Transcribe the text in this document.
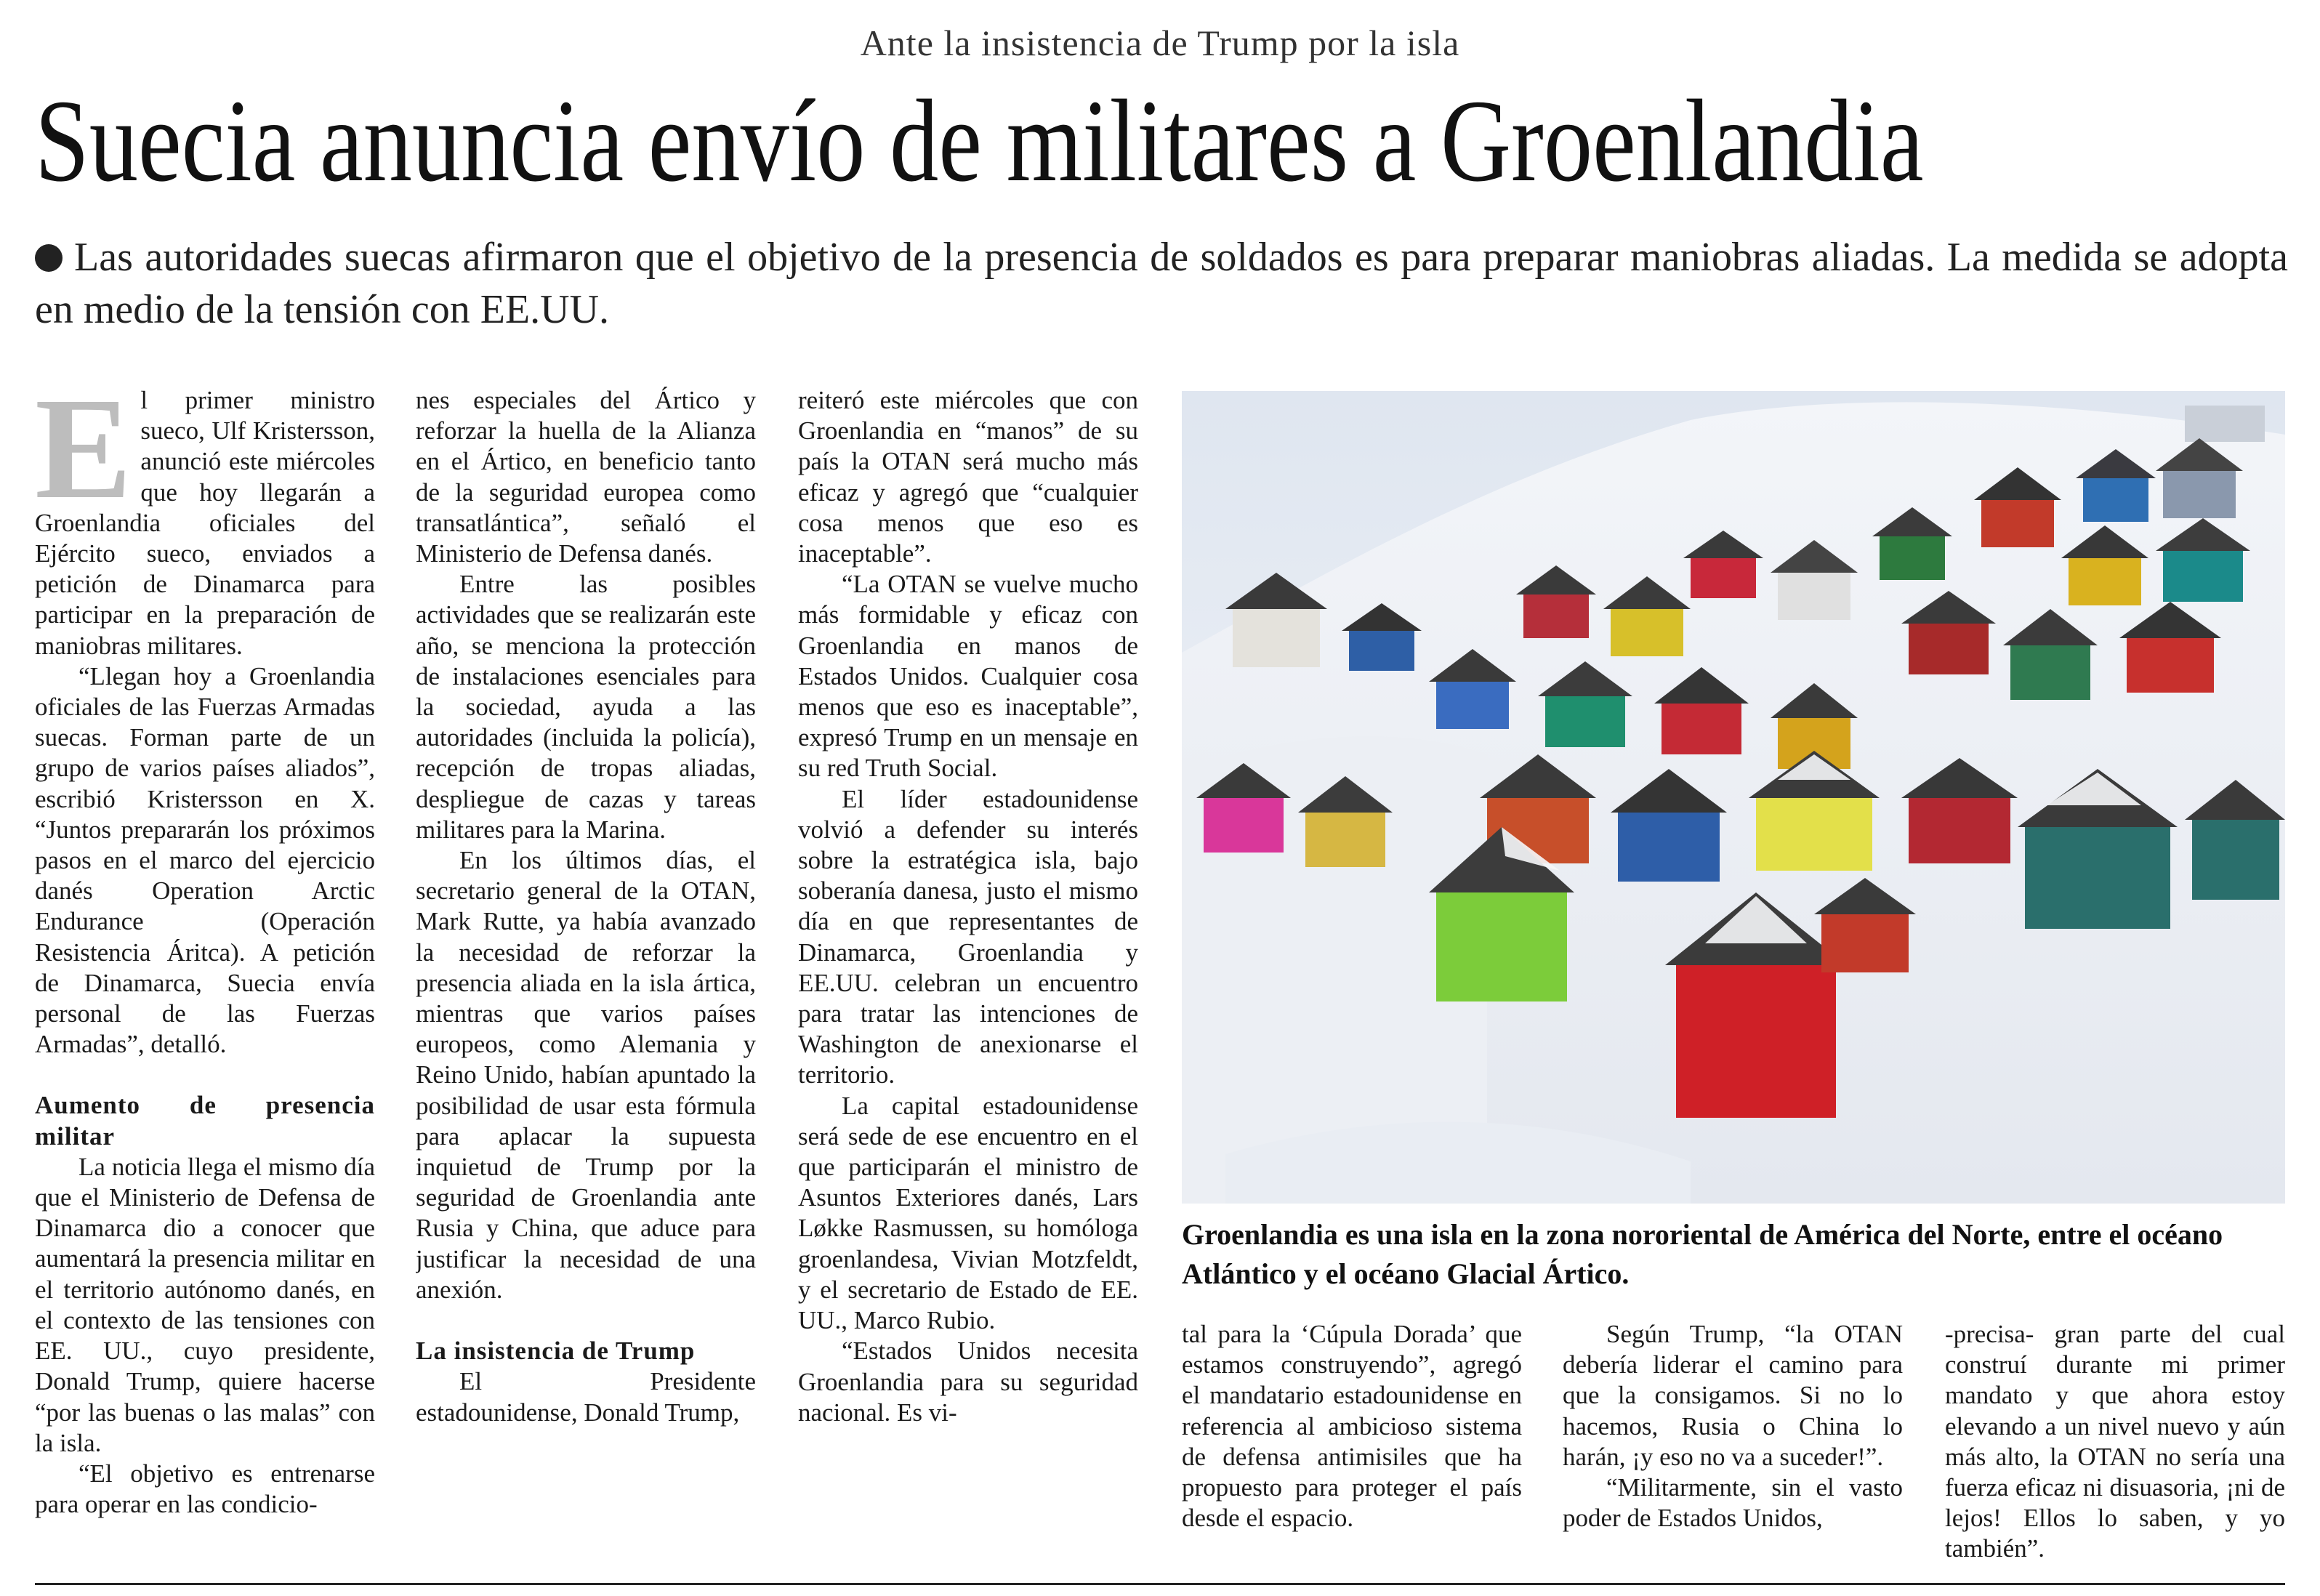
Ante la insistencia de Trump por la isla
Suecia anuncia envío de militares a Groenlandia
Las autoridades suecas afirmaron que el objetivo de la presencia de soldados es para preparar maniobras aliadas. La medida se adopta en medio de la tensión con EE.UU.

El primer ministro sueco, Ulf Kristersson, anunció este miércoles que hoy llegarán a Groenlandia oficiales del Ejército sueco, enviados a petición de Dinamarca para participar en la preparación de maniobras militares.

“Llegan hoy a Groenlandia oficiales de las Fuerzas Armadas suecas. Forman parte de un grupo de varios países aliados”, escribió Kristersson en X. “Juntos prepararán los próximos pasos en el marco del ejercicio danés Operation Arctic Endurance (Operación Resistencia Áritca). A petición de Dinamarca, Suecia envía personal de las Fuerzas Armadas”, detalló.

Aumento de presencia militar

La noticia llega el mismo día que el Ministerio de Defensa de Dinamarca dio a conocer que aumentará la presencia militar en el territorio autónomo danés, en el contexto de las tensiones con EE. UU., cuyo presidente, Donald Trump, quiere hacerse “por las buenas o las malas” con la isla.

“El objetivo es entrenarse para operar en las condicio-

nes especiales del Ártico y reforzar la huella de la Alianza en el Ártico, en beneficio tanto de la seguridad europea como transatlántica”, señaló el Ministerio de Defensa danés.

Entre las posibles actividades que se realizarán este año, se menciona la protección de instalaciones esenciales para la sociedad, ayuda a las autoridades (incluida la policía), recepción de tropas aliadas, despliegue de cazas y tareas militares para la Marina.

En los últimos días, el secretario general de la OTAN, Mark Rutte, ya había avanzado la necesidad de reforzar la presencia aliada en la isla ártica, mientras que varios países europeos, como Alemania y Reino Unido, habían apuntado la posibilidad de usar esta fórmula para aplacar la supuesta inquietud de Trump por la seguridad de Groenlandia ante Rusia y China, que aduce para justificar la necesidad de una anexión.

La insistencia de Trump

El Presidente estadounidense, Donald Trump,

reiteró este miércoles que con Groenlandia en “manos” de su país la OTAN será mucho más eficaz y agregó que “cualquier cosa menos que eso es inaceptable”.

“La OTAN se vuelve mucho más formidable y eficaz con Groenlandia en manos de Estados Unidos. Cualquier cosa menos que eso es inaceptable”, expresó Trump en un mensaje en su red Truth Social.

El líder estadounidense volvió a defender su interés sobre la estratégica isla, bajo soberanía danesa, justo el mismo día en que representantes de Dinamarca, Groenlandia y EE.UU. celebran un encuentro para tratar las intenciones de Washington de anexionarse el territorio.

La capital estadounidense será sede de ese encuentro en el que participarán el ministro de Asuntos Exteriores danés, Lars Løkke Rasmussen, su homóloga groenlandesa, Vivian Motzfeldt, y el secretario de Estado de EE. UU., Marco Rubio.

“Estados Unidos necesita Groenlandia para su seguridad nacional. Es vi-

Groenlandia es una isla en la zona nororiental de América del Norte, entre el océano Atlántico y el océano Glacial Ártico.

tal para la ‘Cúpula Dorada’ que estamos construyendo”, agregó el mandatario estadounidense en referencia al ambicioso sistema de defensa antimisiles que ha propuesto para proteger el país desde el espacio.

Según Trump, “la OTAN debería liderar el camino para que la consigamos. Si no lo hacemos, Rusia o China lo harán, ¡y eso no va a suceder!”.

“Militarmente, sin el vasto poder de Estados Unidos,

-precisa- gran parte del cual construí durante mi primer mandato y que ahora estoy elevando a un nivel nuevo y aún más alto, la OTAN no sería una fuerza eficaz ni disuasoria, ¡ni de lejos! Ellos lo saben, y yo también”.
